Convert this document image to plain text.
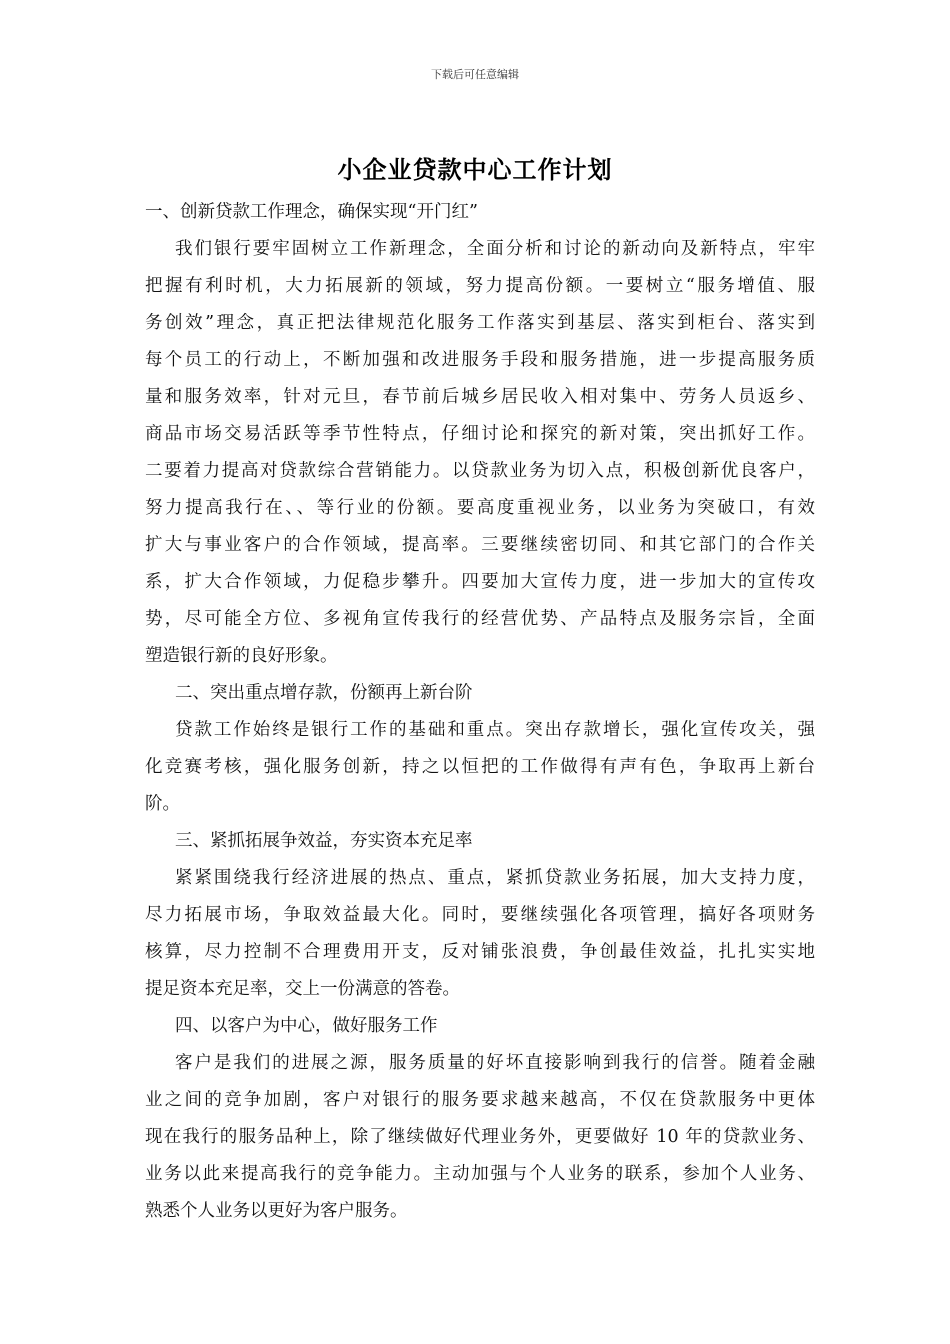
下载后可任意编辑
小企业贷款中心工作计划
一、创新贷款工作理念，确保实现“开门红”
我们银行要牢固树立工作新理念，全面分析和讨论的新动向及新特点，牢牢
把握有利时机，大力拓展新的领域，努力提高份额。一要树立“服务增值、服
务创效”理念，真正把法律规范化服务工作落实到基层、落实到柜台、落实到
每个员工的行动上，不断加强和改进服务手段和服务措施，进一步提高服务质
量和服务效率，针对元旦，春节前后城乡居民收入相对集中、劳务人员返乡、
商品市场交易活跃等季节性特点，仔细讨论和探究的新对策，突出抓好工作。
二要着力提高对贷款综合营销能力。以贷款业务为切入点，积极创新优良客户，
努力提高我行在、、等行业的份额。要高度重视业务，以业务为突破口，有效
扩大与事业客户的合作领域，提高率。三要继续密切同、和其它部门的合作关
系，扩大合作领域，力促稳步攀升。四要加大宣传力度，进一步加大的宣传攻
势，尽可能全方位、多视角宣传我行的经营优势、产品特点及服务宗旨，全面
塑造银行新的良好形象。
二、突出重点增存款，份额再上新台阶
贷款工作始终是银行工作的基础和重点。突出存款增长，强化宣传攻关，强
化竞赛考核，强化服务创新，持之以恒把的工作做得有声有色，争取再上新台
阶。
三、紧抓拓展争效益，夯实资本充足率
紧紧围绕我行经济进展的热点、重点，紧抓贷款业务拓展，加大支持力度，
尽力拓展市场，争取效益最大化。同时，要继续强化各项管理，搞好各项财务
核算，尽力控制不合理费用开支，反对铺张浪费，争创最佳效益，扎扎实实地
提足资本充足率，交上一份满意的答卷。
四、以客户为中心，做好服务工作
客户是我们的进展之源，服务质量的好坏直接影响到我行的信誉。随着金融
业之间的竞争加剧，客户对银行的服务要求越来越高，不仅在贷款服务中更体
现在我行的服务品种上，除了继续做好代理业务外，更要做好 10 年的贷款业务、
业务以此来提高我行的竞争能力。主动加强与个人业务的联系，参加个人业务、
熟悉个人业务以更好为客户服务。
